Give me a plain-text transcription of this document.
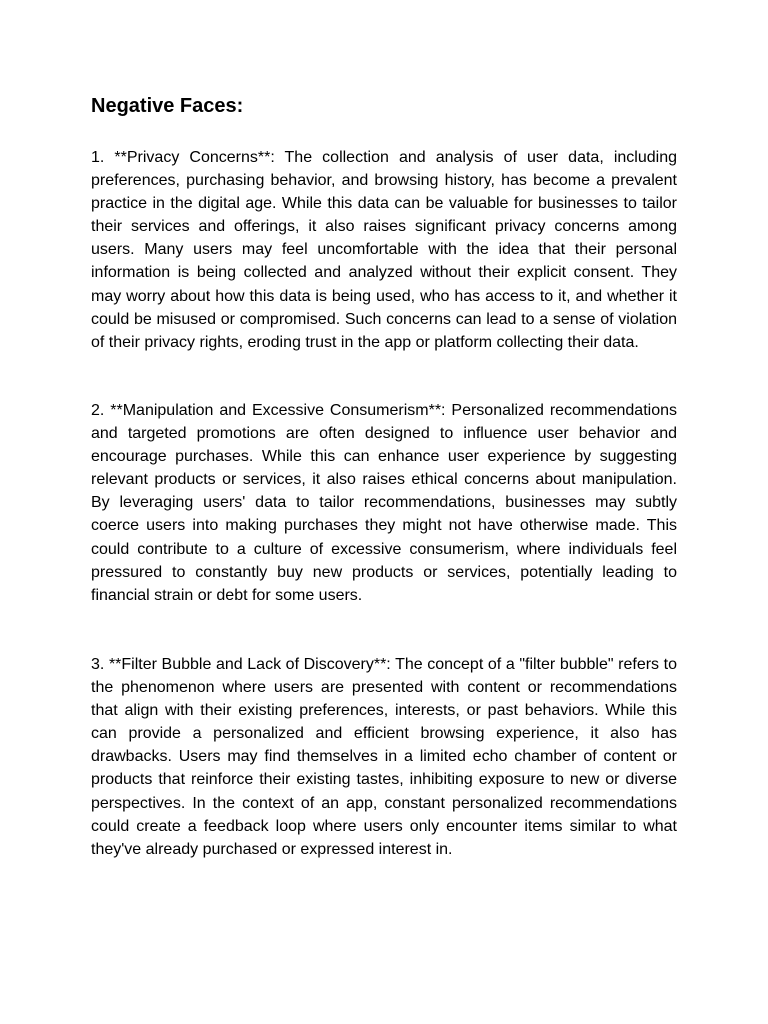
Negative Faces:

1. **Privacy Concerns**: The collection and analysis of user data, including preferences, purchasing behavior, and browsing history, has become a prevalent practice in the digital age. While this data can be valuable for businesses to tailor their services and offerings, it also raises significant privacy concerns among users. Many users may feel uncomfortable with the idea that their personal information is being collected and analyzed without their explicit consent. They may worry about how this data is being used, who has access to it, and whether it could be misused or compromised. Such concerns can lead to a sense of violation of their privacy rights, eroding trust in the app or platform collecting their data.

2. **Manipulation and Excessive Consumerism**: Personalized recommendations and targeted promotions are often designed to influence user behavior and encourage purchases. While this can enhance user experience by suggesting relevant products or services, it also raises ethical concerns about manipulation. By leveraging users' data to tailor recommendations, businesses may subtly coerce users into making purchases they might not have otherwise made. This could contribute to a culture of excessive consumerism, where individuals feel pressured to constantly buy new products or services, potentially leading to financial strain or debt for some users.

3. **Filter Bubble and Lack of Discovery**: The concept of a "filter bubble" refers to the phenomenon where users are presented with content or recommendations that align with their existing preferences, interests, or past behaviors. While this can provide a personalized and efficient browsing experience, it also has drawbacks. Users may find themselves in a limited echo chamber of content or products that reinforce their existing tastes, inhibiting exposure to new or diverse perspectives. In the context of an app, constant personalized recommendations could create a feedback loop where users only encounter items similar to what they've already purchased or expressed interest in.
